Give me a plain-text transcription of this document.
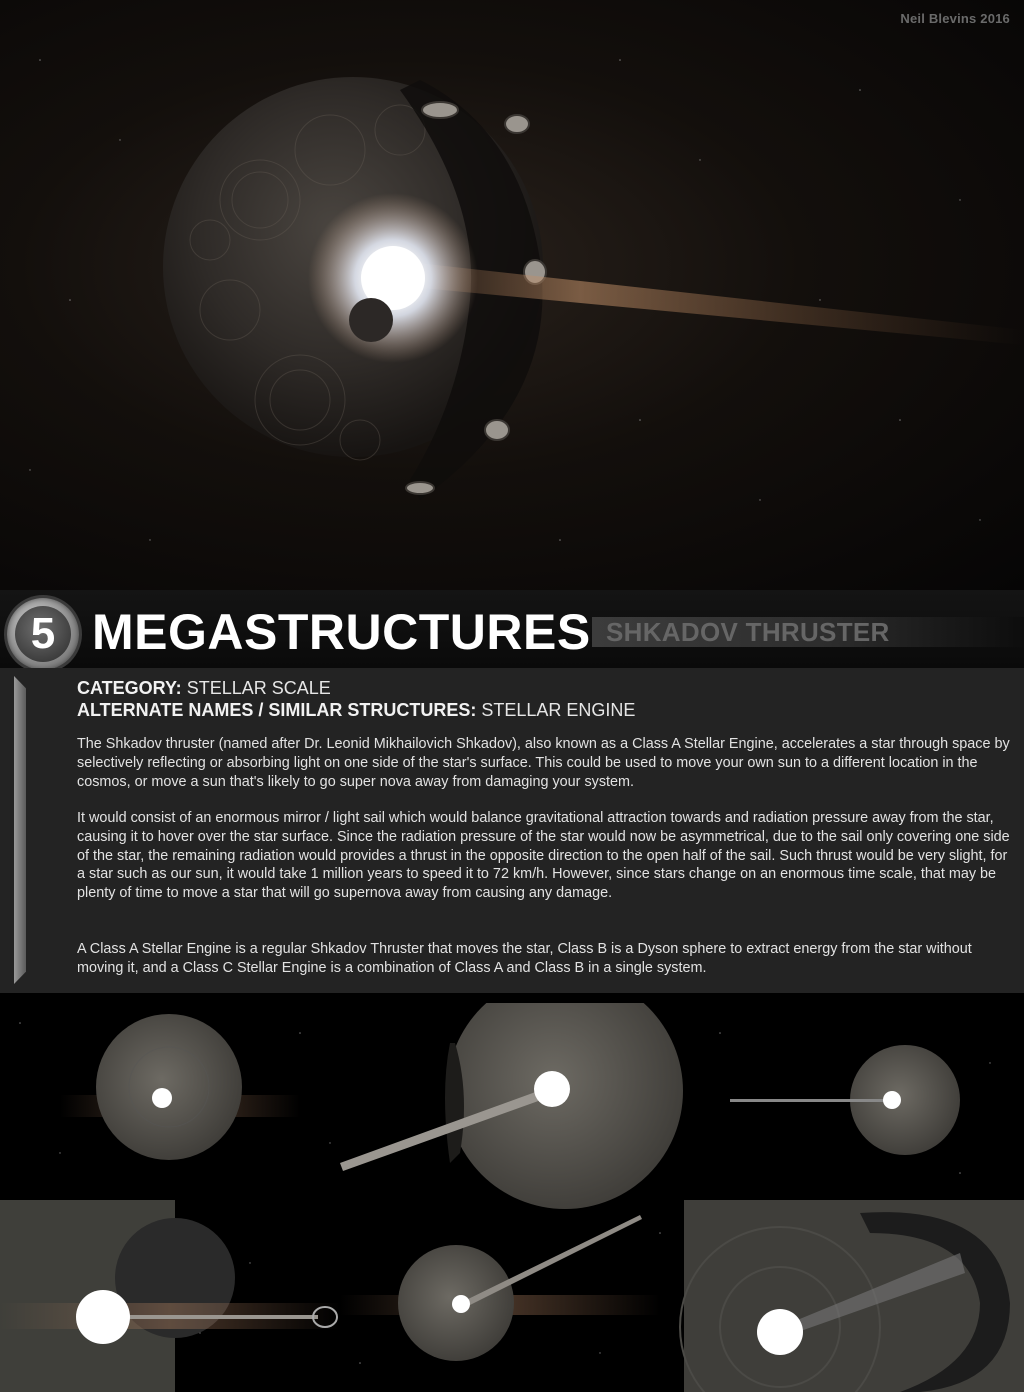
Neil Blevins 2016
SHKADOV THRUSTER
5 MEGASTRUCTURES
CATEGORY: STELLAR SCALE
ALTERNATE NAMES / SIMILAR STRUCTURES: STELLAR ENGINE
The Shkadov thruster (named after Dr. Leonid Mikhailovich Shkadov), also known as a Class A Stellar Engine, accelerates a star through space by selectively reflecting or absorbing light on one side of the star's surface. This could be used to move your own sun to a different location in the cosmos, or move a sun that's likely to go super nova away from damaging your system.
It would consist of an enormous mirror / light sail which would balance gravitational attraction towards and radiation pressure away from the star, causing it to hover over the star surface. Since the radiation pressure of the star would now be asymmetrical, due to the sail only covering one side of the star, the remaining radiation would provides a thrust in the opposite direction to the open half of the sail. Such thrust would be very slight, for a star such as our sun, it would take 1 million years to speed it to 72 km/h. However, since stars change on an enormous time scale, that may be plenty of time to move a star that will go supernova away from causing any damage.
A Class A Stellar Engine is a regular Shkadov Thruster that moves the star, Class B is a Dyson sphere to extract energy from the star without moving it, and a Class C Stellar Engine is a combination of Class A and Class B in a single system.
